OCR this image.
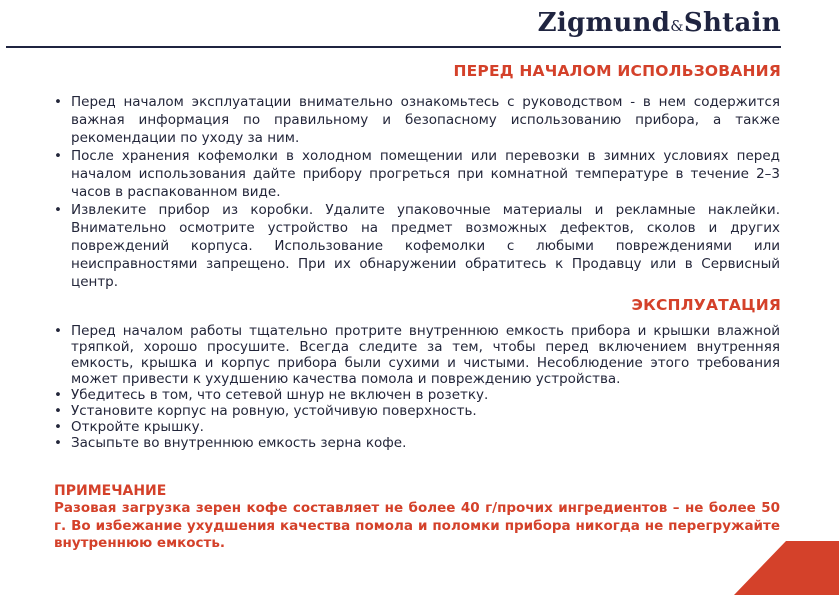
Zigmund&Shtain
ПЕРЕД НАЧАЛОМ ИСПОЛЬЗОВАНИЯ
• Перед началом эксплуатации внимательно ознакомьтесь с руководством - в нем содержится важная информация по правильному и безопасному использованию прибора, а также рекомендации по уходу за ним.
• После хранения кофемолки в холодном помещении или перевозки в зимних условиях перед началом использования дайте прибору прогреться при комнатной температуре в течение 2–3 часов в распакованном виде.
• Извлеките прибор из коробки. Удалите упаковочные материалы и рекламные наклейки. Внимательно осмотрите устройство на предмет возможных дефектов, сколов и других повреждений корпуса. Использование кофемолки с любыми повреждениями или неисправностями запрещено. При их обнаружении обратитесь к Продавцу или в Сервисный центр.
ЭКСПЛУАТАЦИЯ
• Перед началом работы тщательно протрите внутреннюю емкость прибора и крышки влажной тряпкой, хорошо просушите. Всегда следите за тем, чтобы перед включением внутренняя емкость, крышка и корпус прибора были сухими и чистыми. Несоблюдение этого требования может привести к ухудшению качества помола и повреждению устройства.
• Убедитесь в том, что сетевой шнур не включен в розетку.
• Установите корпус на ровную, устойчивую поверхность.
• Откройте крышку.
• Засыпьте во внутреннюю емкость зерна кофе.
ПРИМЕЧАНИЕ

Разовая загрузка зерен кофе составляет не более 40 г/прочих ингредиентов – не более 50 г. Во избежание ухудшения качества помола и поломки прибора никогда не перегружайте внутреннюю емкость.
